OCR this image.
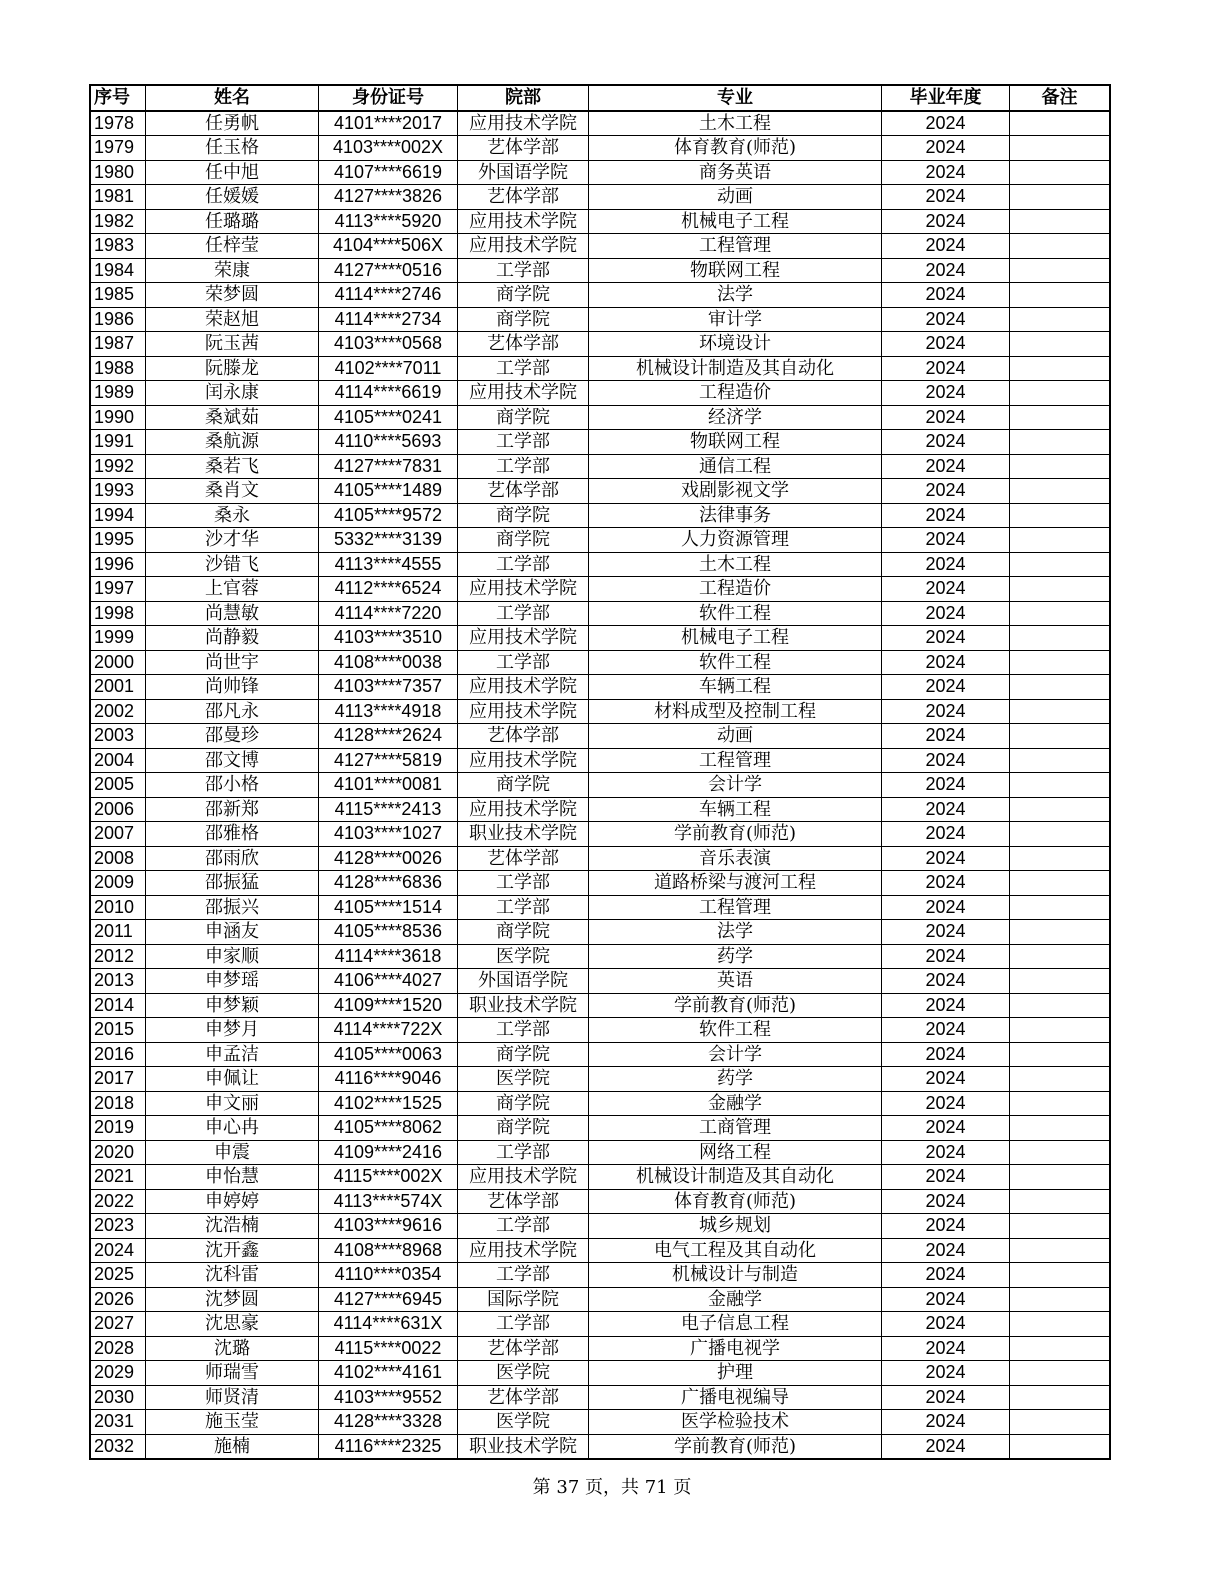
序号	姓名	身份证号	院部	专业	毕业年度	备注
1978	任勇帆	4101****2017	应用技术学院	土木工程	2024	
1979	任玉格	4103****002X	艺体学部	体育教育(师范)	2024	
1980	任中旭	4107****6619	外国语学院	商务英语	2024	
1981	任媛媛	4127****3826	艺体学部	动画	2024	
1982	任璐璐	4113****5920	应用技术学院	机械电子工程	2024	
1983	任梓莹	4104****506X	应用技术学院	工程管理	2024	
1984	荣康	4127****0516	工学部	物联网工程	2024	
1985	荣梦圆	4114****2746	商学院	法学	2024	
1986	荣赵旭	4114****2734	商学院	审计学	2024	
1987	阮玉茜	4103****0568	艺体学部	环境设计	2024	
1988	阮滕龙	4102****7011	工学部	机械设计制造及其自动化	2024	
1989	闰永康	4114****6619	应用技术学院	工程造价	2024	
1990	桑斌茹	4105****0241	商学院	经济学	2024	
1991	桑航源	4110****5693	工学部	物联网工程	2024	
1992	桑若飞	4127****7831	工学部	通信工程	2024	
1993	桑肖文	4105****1489	艺体学部	戏剧影视文学	2024	
1994	桑永	4105****9572	商学院	法律事务	2024	
1995	沙才华	5332****3139	商学院	人力资源管理	2024	
1996	沙错飞	4113****4555	工学部	土木工程	2024	
1997	上官蓉	4112****6524	应用技术学院	工程造价	2024	
1998	尚慧敏	4114****7220	工学部	软件工程	2024	
1999	尚静毅	4103****3510	应用技术学院	机械电子工程	2024	
2000	尚世宇	4108****0038	工学部	软件工程	2024	
2001	尚帅锋	4103****7357	应用技术学院	车辆工程	2024	
2002	邵凡永	4113****4918	应用技术学院	材料成型及控制工程	2024	
2003	邵曼珍	4128****2624	艺体学部	动画	2024	
2004	邵文博	4127****5819	应用技术学院	工程管理	2024	
2005	邵小格	4101****0081	商学院	会计学	2024	
2006	邵新郑	4115****2413	应用技术学院	车辆工程	2024	
2007	邵雅格	4103****1027	职业技术学院	学前教育(师范)	2024	
2008	邵雨欣	4128****0026	艺体学部	音乐表演	2024	
2009	邵振猛	4128****6836	工学部	道路桥梁与渡河工程	2024	
2010	邵振兴	4105****1514	工学部	工程管理	2024	
2011	申涵友	4105****8536	商学院	法学	2024	
2012	申家顺	4114****3618	医学院	药学	2024	
2013	申梦瑶	4106****4027	外国语学院	英语	2024	
2014	申梦颖	4109****1520	职业技术学院	学前教育(师范)	2024	
2015	申梦月	4114****722X	工学部	软件工程	2024	
2016	申孟洁	4105****0063	商学院	会计学	2024	
2017	申佩让	4116****9046	医学院	药学	2024	
2018	申文丽	4102****1525	商学院	金融学	2024	
2019	申心冉	4105****8062	商学院	工商管理	2024	
2020	申震	4109****2416	工学部	网络工程	2024	
2021	申怡慧	4115****002X	应用技术学院	机械设计制造及其自动化	2024	
2022	申婷婷	4113****574X	艺体学部	体育教育(师范)	2024	
2023	沈浩楠	4103****9616	工学部	城乡规划	2024	
2024	沈开鑫	4108****8968	应用技术学院	电气工程及其自动化	2024	
2025	沈科雷	4110****0354	工学部	机械设计与制造	2024	
2026	沈梦圆	4127****6945	国际学院	金融学	2024	
2027	沈思豪	4114****631X	工学部	电子信息工程	2024	
2028	沈璐	4115****0022	艺体学部	广播电视学	2024	
2029	师瑞雪	4102****4161	医学院	护理	2024	
2030	师贤清	4103****9552	艺体学部	广播电视编导	2024	
2031	施玉莹	4128****3328	医学院	医学检验技术	2024	
2032	施楠	4116****2325	职业技术学院	学前教育(师范)	2024	
第 37 页，共 71 页
